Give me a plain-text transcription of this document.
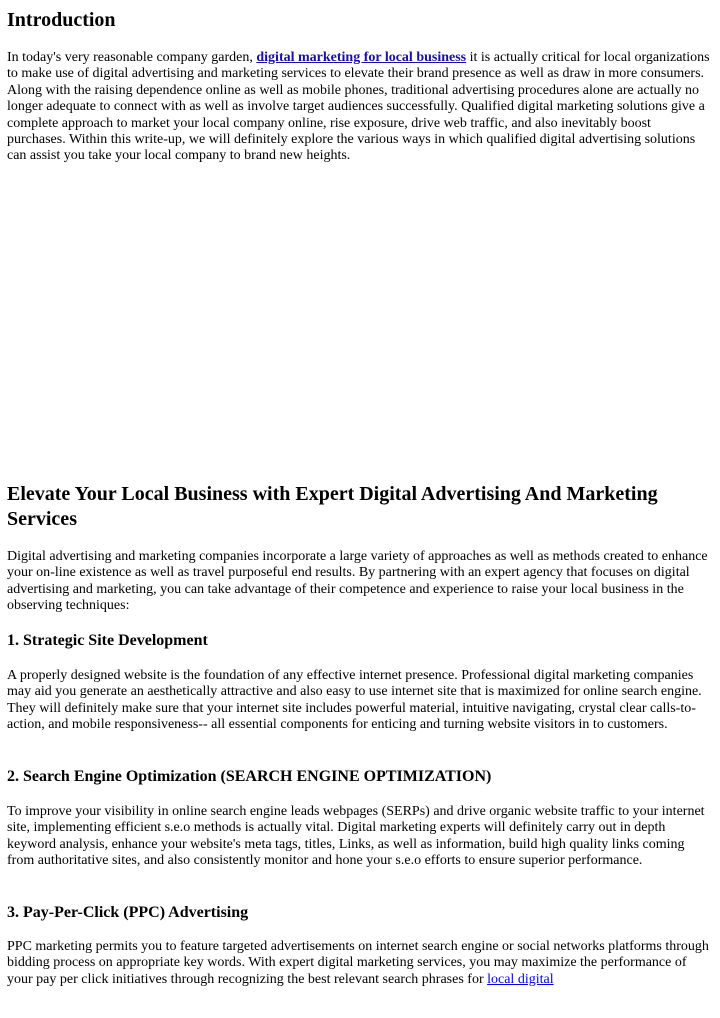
Introduction

In today's very reasonable company garden, digital marketing for local business it is actually critical for local organizations to make use of digital advertising and marketing services to elevate their brand presence as well as draw in more consumers. Along with the raising dependence online as well as mobile phones, traditional advertising procedures alone are actually no longer adequate to connect with as well as involve target audiences successfully. Qualified digital marketing solutions give a complete approach to market your local company online, rise exposure, drive web traffic, and also inevitably boost purchases. Within this write-up, we will definitely explore the various ways in which qualified digital advertising solutions can assist you take your local company to brand new heights.

Elevate Your Local Business with Expert Digital Advertising And Marketing Services

Digital advertising and marketing companies incorporate a large variety of approaches as well as methods created to enhance your on-line existence as well as travel purposeful end results. By partnering with an expert agency that focuses on digital advertising and marketing, you can take advantage of their competence and experience to raise your local business in the observing techniques:

1. Strategic Site Development

A properly designed website is the foundation of any effective internet presence. Professional digital marketing companies may aid you generate an aesthetically attractive and also easy to use internet site that is maximized for online search engine. They will definitely make sure that your internet site includes powerful material, intuitive navigating, crystal clear calls-to-action, and mobile responsiveness-- all essential components for enticing and turning website visitors in to customers.

2. Search Engine Optimization (SEARCH ENGINE OPTIMIZATION)

To improve your visibility in online search engine leads webpages (SERPs) and drive organic website traffic to your internet site, implementing efficient s.e.o methods is actually vital. Digital marketing experts will definitely carry out in depth keyword analysis, enhance your website's meta tags, titles, Links, as well as information, build high quality links coming from authoritative sites, and also consistently monitor and hone your s.e.o efforts to ensure superior performance.

3. Pay-Per-Click (PPC) Advertising

PPC marketing permits you to feature targeted advertisements on internet search engine or social networks platforms through bidding process on appropriate key words. With expert digital marketing services, you may maximize the performance of your pay per click initiatives through recognizing the best relevant search phrases for local digital
